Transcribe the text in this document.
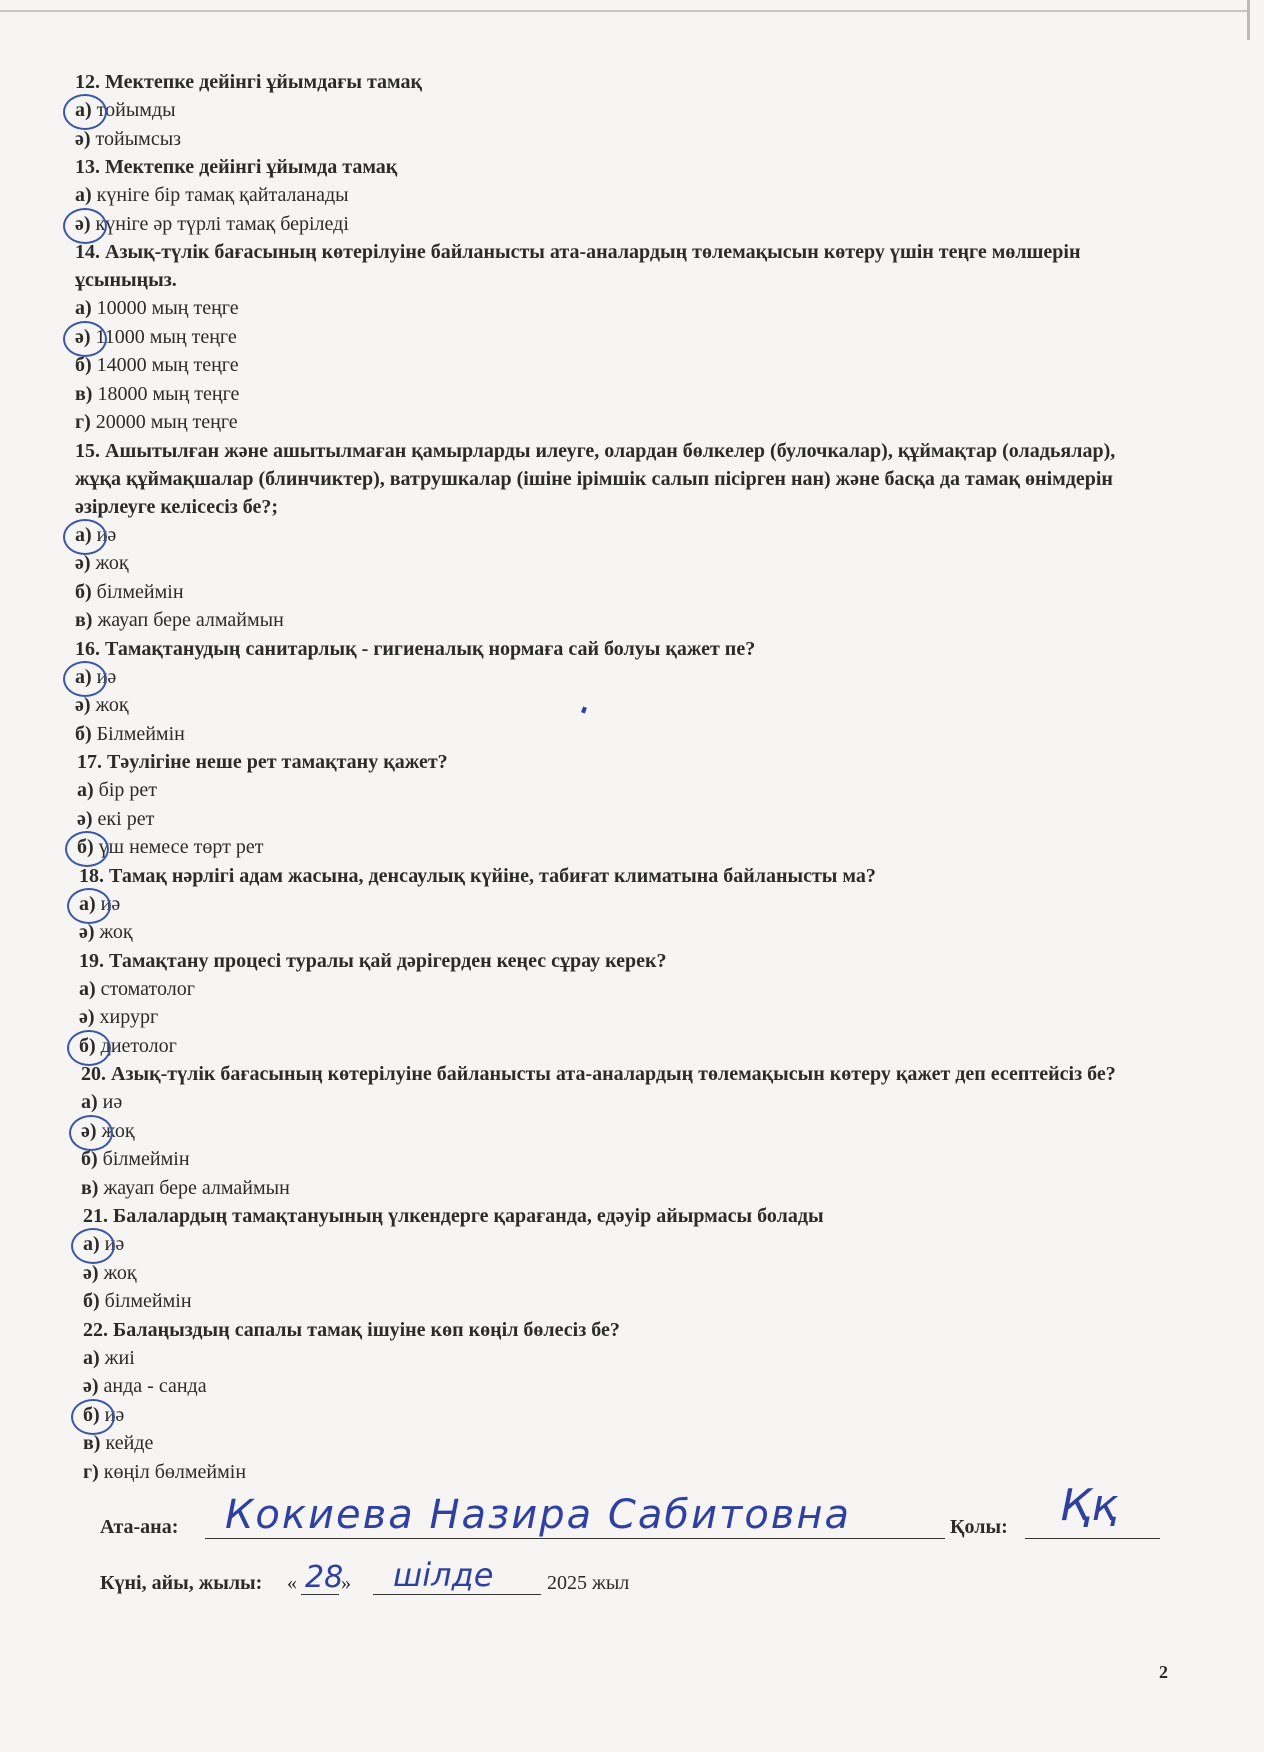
12. Мектепке дейінгі ұйымдағы тамақ

а) тойымды

ә) тойымсыз

13. Мектепке дейінгі ұйымда тамақ

а) күніге бір тамақ қайталанады

ә) күніге әр түрлі тамақ беріледі

14. Азық-түлік бағасының көтерілуіне байланысты ата-аналардың төлемақысын көтеру үшін теңге мөлшерін ұсыныңыз.

а) 10000 мың теңге

ә) 11000 мың теңге

б) 14000 мың теңге

в) 18000 мың теңге

г) 20000 мың теңге

15. Ашытылған және ашытылмаған қамырларды илеуге, олардан бөлкелер (булочкалар), құймақтар (оладьялар), жұқа құймақшалар (блинчиктер), ватрушкалар (ішіне ірімшік салып пісірген нан) және басқа да тамақ өнімдерін әзірлеуге келісесіз бе?;

а) иә

ә) жоқ

б) білмеймін

в) жауап бере алмаймын

16. Тамақтанудың санитарлық - гигиеналық нормаға сай болуы қажет пе?

а) иә

ә) жоқ

б) Білмеймін

17. Тәулігіне неше рет тамақтану қажет?

а) бір рет

ә) екі рет

б) үш немесе төрт рет

18. Тамақ нәрлігі адам жасына, денсаулық күйіне, табиғат климатына байланысты ма?

а) иә

ә) жоқ

19. Тамақтану процесі туралы қай дәрігерден кеңес сұрау керек?

а) стоматолог

ә) хирург

б) диетолог

20. Азық-түлік бағасының көтерілуіне байланысты ата-аналардың төлемақысын көтеру қажет деп есептейсіз бе?

а) иә

ә) жоқ

б) білмеймін

в) жауап бере алмаймын

21. Балалардың тамақтануының үлкендерге қарағанда, едәуір айырмасы болады

а) иә

ә) жоқ

б) білмеймін

22. Балаңыздың сапалы тамақ ішуіне көп көңіл бөлесіз бе?

а) жиі

ә) анда - санда

б) иә

в) кейде

г) көңіл бөлмеймін

Ата-ана: Кокиева Назира Сабитовна	Қолы: Ққ
Күні, айы, жылы: « 28
» шілде	2025 жыл
2
